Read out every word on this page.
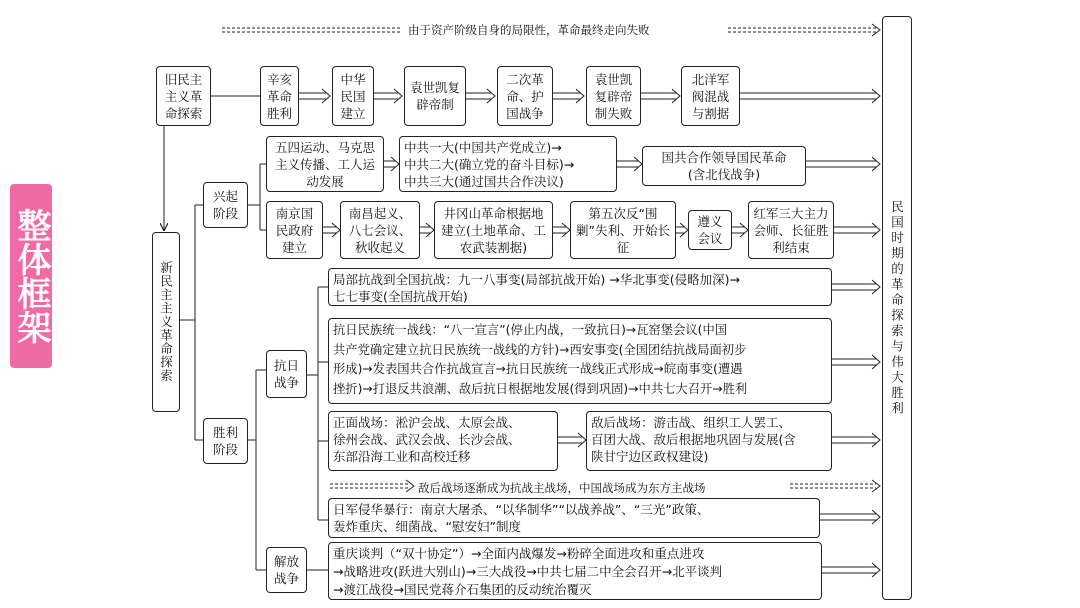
整体框架
由于资产阶级自身的局限性，革命最终走向失败
旧民主主义革命探索
辛亥革命胜利
中华民国建立
袁世凯复辟帝制
二次革命、护国战争
袁世凯复辟帝制失败
北洋军阀混战与割据
新民主主义革命探索
兴起阶段
五四运动、马克思主义传播、工人运动发展
中共一大(中国共产党成立)→
中共二大(确立党的奋斗目标)→
中共三大(通过国共合作决议)
国共合作领导国民革命
(含北伐战争)
南京国民政府建立
南昌起义、八七会议、秋收起义
井冈山革命根据地建立(土地革命、工农武装割据)
第五次反“围剿”失利、开始长征
遵义会议
红军三大主力会师、长征胜利结束
胜利阶段
抗日战争
解放战争
局部抗战到全国抗战：九一八事变(局部抗战开始) →华北事变(侵略加深)→
七七事变(全国抗战开始)
抗日民族统一战线：“八一宣言”(停止内战，一致抗日)→瓦窑堡会议(中国
共产党确定建立抗日民族统一战线的方针)→西安事变(全国团结抗战局面初步
形成)→发表国共合作抗战宣言→抗日民族统一战线正式形成→皖南事变(遭遇
挫折)→打退反共浪潮、敌后抗日根据地发展(得到巩固)→中共七大召开→胜利
正面战场：淞沪会战、太原会战、
徐州会战、武汉会战、长沙会战、
东部沿海工业和高校迁移
敌后战场：游击战、组织工人罢工、
百团大战、敌后根据地巩固与发展(含
陕甘宁边区政权建设)
敌后战场逐渐成为抗战主战场，中国战场成为东方主战场
日军侵华暴行：南京大屠杀、“以华制华”“以战养战”、“三光”政策、
轰炸重庆、细菌战、“慰安妇”制度
重庆谈判（“双十协定”）→全面内战爆发→粉碎全面进攻和重点进攻
→战略进攻(跃进大别山)→三大战役→中共七届二中全会召开→北平谈判
→渡江战役→国民党蒋介石集团的反动统治覆灭
民国时期的革命探索与伟大胜利
